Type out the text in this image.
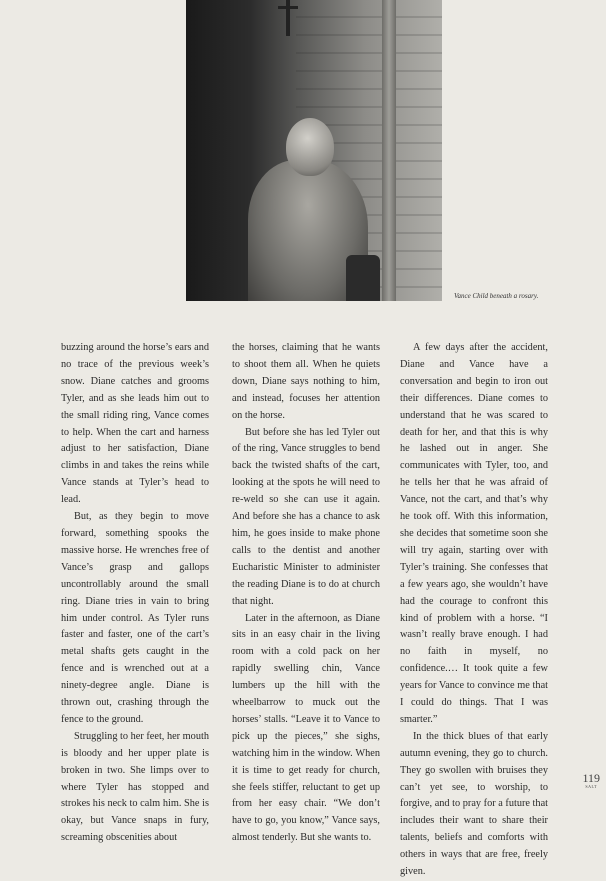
Vance Child beneath a rosary.

buzzing around the horse’s ears and no trace of the previous week’s snow. Diane catches and grooms Tyler, and as she leads him out to the small riding ring, Vance comes to help. When the cart and harness adjust to her satisfaction, Diane climbs in and takes the reins while Vance stands at Tyler’s head to lead.

But, as they begin to move forward, something spooks the massive horse. He wrenches free of Vance’s grasp and gallops uncontrollably around the small ring. Diane tries in vain to bring him under control. As Tyler runs faster and faster, one of the cart’s metal shafts gets caught in the fence and is wrenched out at a ninety-degree angle. Diane is thrown out, crashing through the fence to the ground.

Struggling to her feet, her mouth is bloody and her upper plate is broken in two. She limps over to where Tyler has stopped and strokes his neck to calm him. She is okay, but Vance snaps in fury, screaming obscenities about

the horses, claiming that he wants to shoot them all. When he quiets down, Diane says nothing to him, and instead, focuses her attention on the horse.

But before she has led Tyler out of the ring, Vance struggles to bend back the twisted shafts of the cart, looking at the spots he will need to re-weld so she can use it again. And before she has a chance to ask him, he goes inside to make phone calls to the dentist and another Eucharistic Minister to administer the reading Diane is to do at church that night.

Later in the afternoon, as Diane sits in an easy chair in the living room with a cold pack on her rapidly swelling chin, Vance lumbers up the hill with the wheelbarrow to muck out the horses’ stalls. “Leave it to Vance to pick up the pieces,” she sighs, watching him in the window. When it is time to get ready for church, she feels stiffer, reluctant to get up from her easy chair. “We don’t have to go, you know,” Vance says, almost tenderly. But she wants to.

A few days after the accident, Diane and Vance have a conversation and begin to iron out their differences. Diane comes to understand that he was scared to death for her, and that this is why he lashed out in anger. She communicates with Tyler, too, and he tells her that he was afraid of Vance, not the cart, and that’s why he took off. With this information, she decides that sometime soon she will try again, starting over with Tyler’s training. She confesses that a few years ago, she wouldn’t have had the courage to confront this kind of problem with a horse. “I wasn’t really brave enough. I had no faith in myself, no confidence.… It took quite a few years for Vance to convince me that I could do things. That I was smarter.”

In the thick blues of that early autumn evening, they go to church. They go swollen with bruises they can’t yet see, to worship, to forgive, and to pray for a future that includes their want to share their talents, beliefs and comforts with others in ways that are free, freely given.

119
SALT
